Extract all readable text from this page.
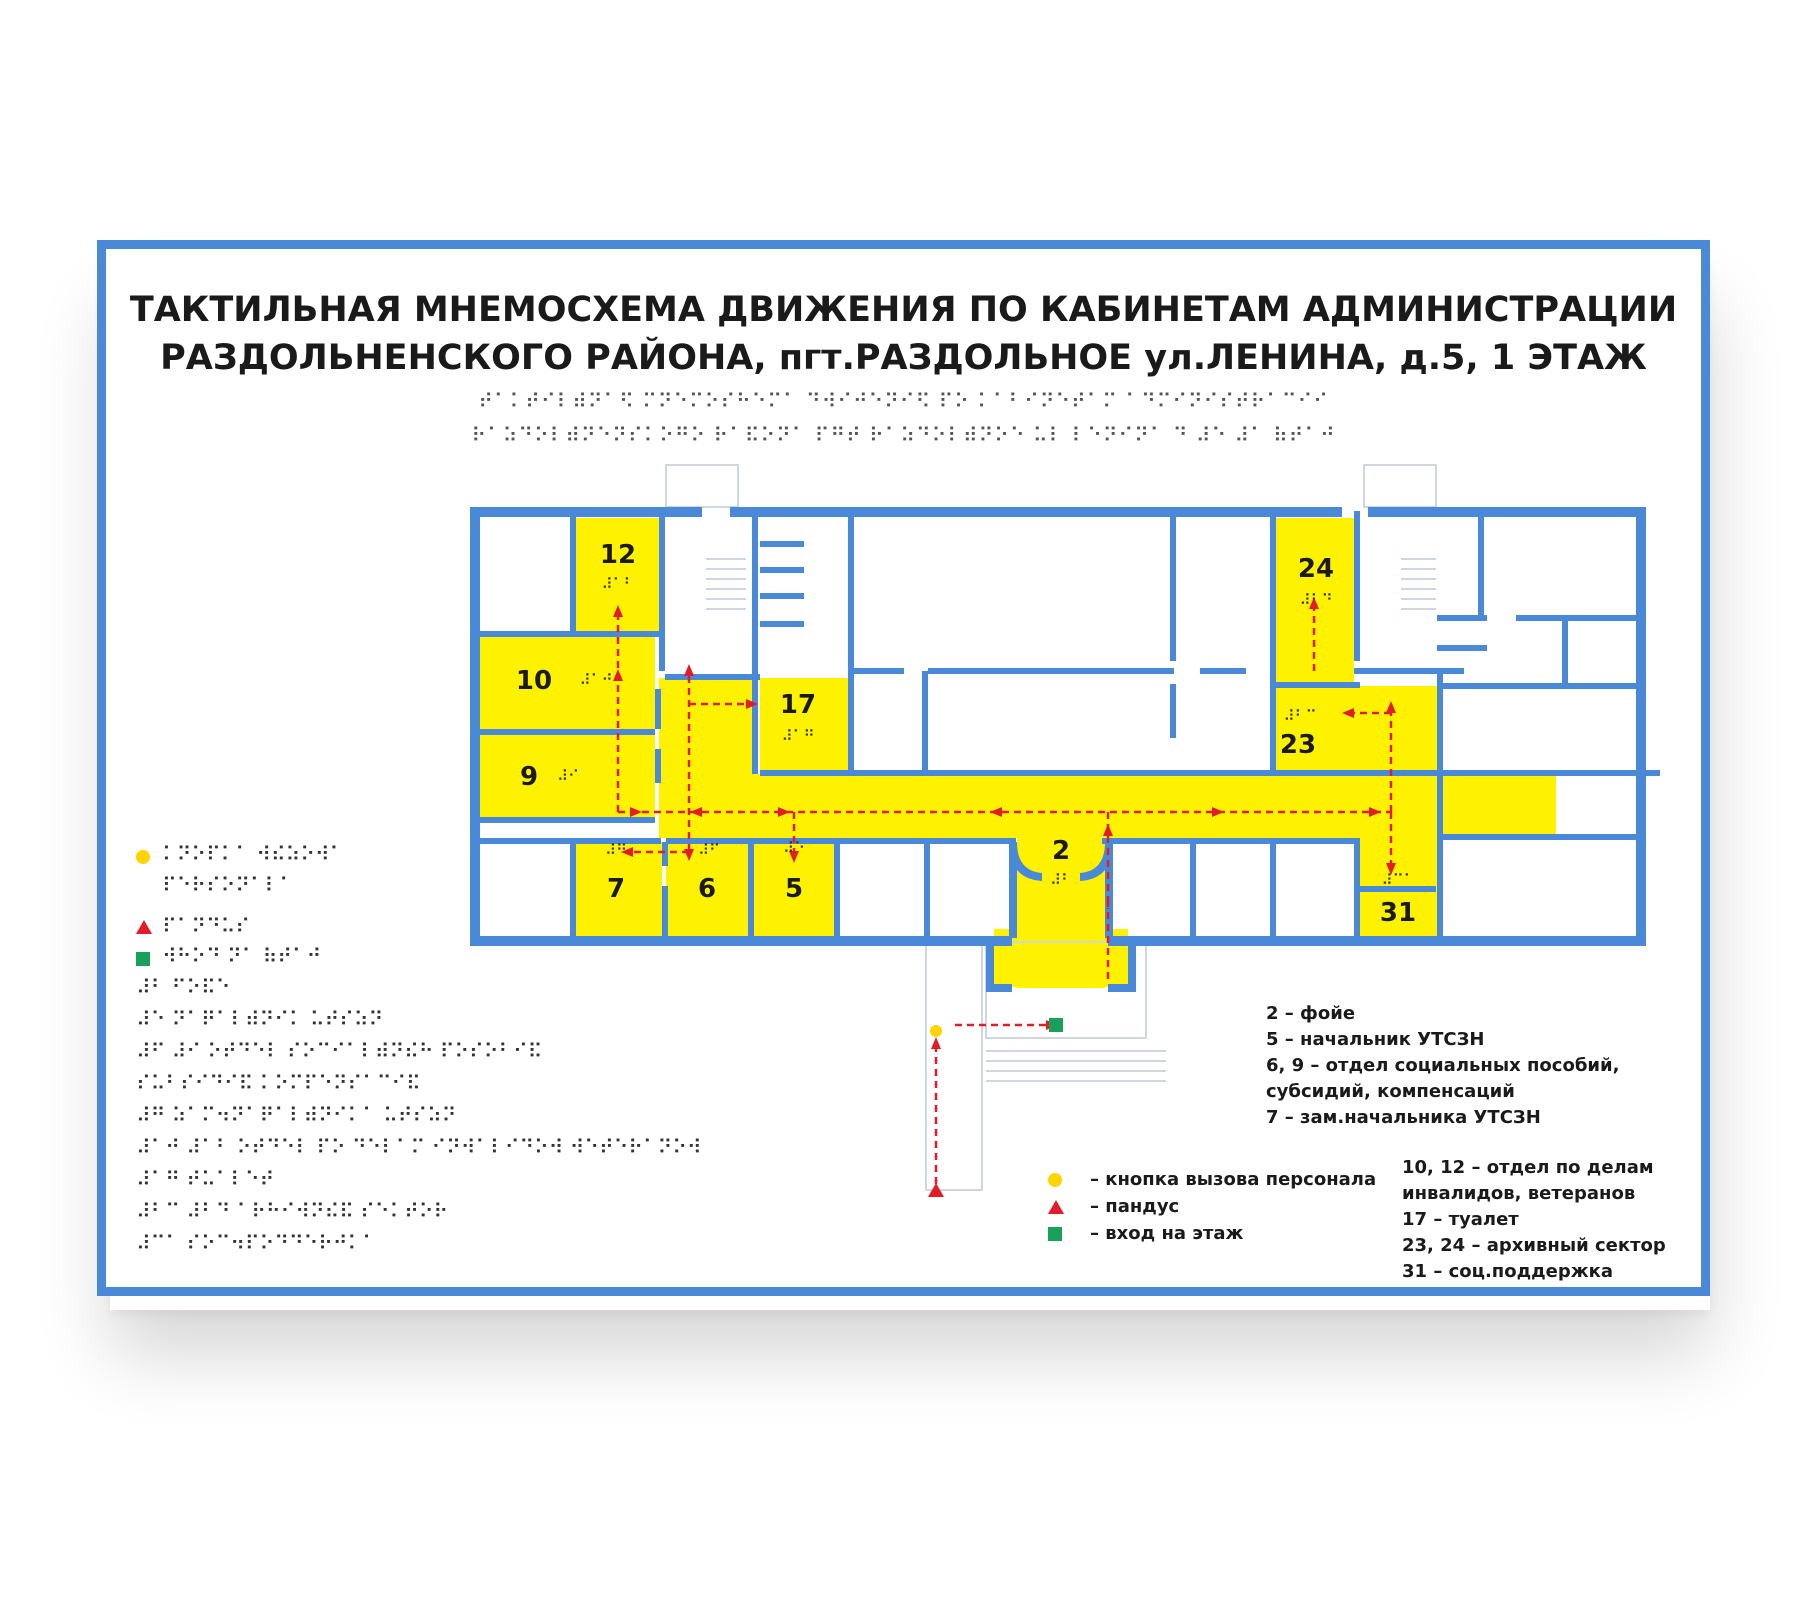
ТАКТИЛЬНАЯ МНЕМОСХЕМА ДВИЖЕНИЯ ПО КАБИНЕТАМ АДМИНИСТРАЦИИ
РАЗДОЛЬНЕНСКОГО РАЙОНА, пгт.РАЗДОЛЬНОЕ ул.ЛЕНИНА, д.5, 1 ЭТАЖ
⠞⠁⠅⠞⠊⠇⠾⠝⠁⠫ ⠍⠝⠑⠍⠕⠎⠓⠑⠍⠁ ⠙⠺⠊⠚⠑⠝⠊⠫ ⠏⠕ ⠅⠁⠃⠊⠝⠑⠞⠁⠍ ⠁⠙⠍⠊⠝⠊⠎⠞⠗⠁⠉⠊⠊
⠗⠁⠵⠙⠕⠇⠾⠝⠑⠝⠎⠅⠕⠛⠕ ⠗⠁⠯⠕⠝⠁ ⠏⠛⠞ ⠗⠁⠵⠙⠕⠇⠾⠝⠕⠑ ⠥⠇ ⠇⠑⠝⠊⠝⠁ ⠙ ⠼⠑ ⠼⠁ ⠷⠞⠁⠚
12
⠼⠁⠃
10 ⠼⠁⠚
9 ⠼⠊
17
⠼⠁⠛
⠼⠛
7
⠼⠋
6
⠼⠑
5
2
⠼⠃
24
⠼⠃⠙
⠼⠃⠉
23
⠼⠉⠁
31
⠅⠝⠕⠏⠅⠁ ⠺⠮⠵⠕⠺⠁
⠏⠑⠗⠎⠕⠝⠁⠇⠁
⠏⠁⠝⠙⠥⠎
⠺⠓⠕⠙ ⠝⠁ ⠷⠞⠁⠚
⠼⠃ ⠋⠕⠯⠑
⠼⠑ ⠝⠁⠟⠁⠇⠾⠝⠊⠅ ⠥⠞⠎⠵⠝
⠼⠋ ⠼⠊ ⠕⠞⠙⠑⠇ ⠎⠕⠉⠊⠁⠇⠾⠝⠮⠓ ⠏⠕⠎⠕⠃⠊⠯
⠎⠥⠃⠎⠊⠙⠊⠯ ⠅⠕⠍⠏⠑⠝⠎⠁⠉⠊⠯
⠼⠛ ⠵⠁⠍⠲⠝⠁⠟⠁⠇⠾⠝⠊⠅⠁ ⠥⠞⠎⠵⠝
⠼⠁⠚ ⠼⠁⠃ ⠕⠞⠙⠑⠇ ⠏⠕ ⠙⠑⠇⠁⠍ ⠊⠝⠺⠁⠇⠊⠙⠕⠺ ⠺⠑⠞⠑⠗⠁⠝⠕⠺
⠼⠁⠛ ⠞⠥⠁⠇⠑⠞
⠼⠃⠉ ⠼⠃⠙ ⠁⠗⠓⠊⠺⠝⠮⠯ ⠎⠑⠅⠞⠕⠗
⠼⠉⠁ ⠎⠕⠉⠲⠏⠕⠙⠙⠑⠗⠚⠅⠁
– кнопка вызова персонала
– пандус
– вход на этаж
2 – фойе
5 – начальник УТСЗН
6, 9 – отдел социальных пособий,
субсидий, компенсаций
7 – зам.начальника УТСЗН
10, 12 – отдел по делам
инвалидов, ветеранов
17 – туалет
23, 24 – архивный сектор
31 – соц.поддержка
